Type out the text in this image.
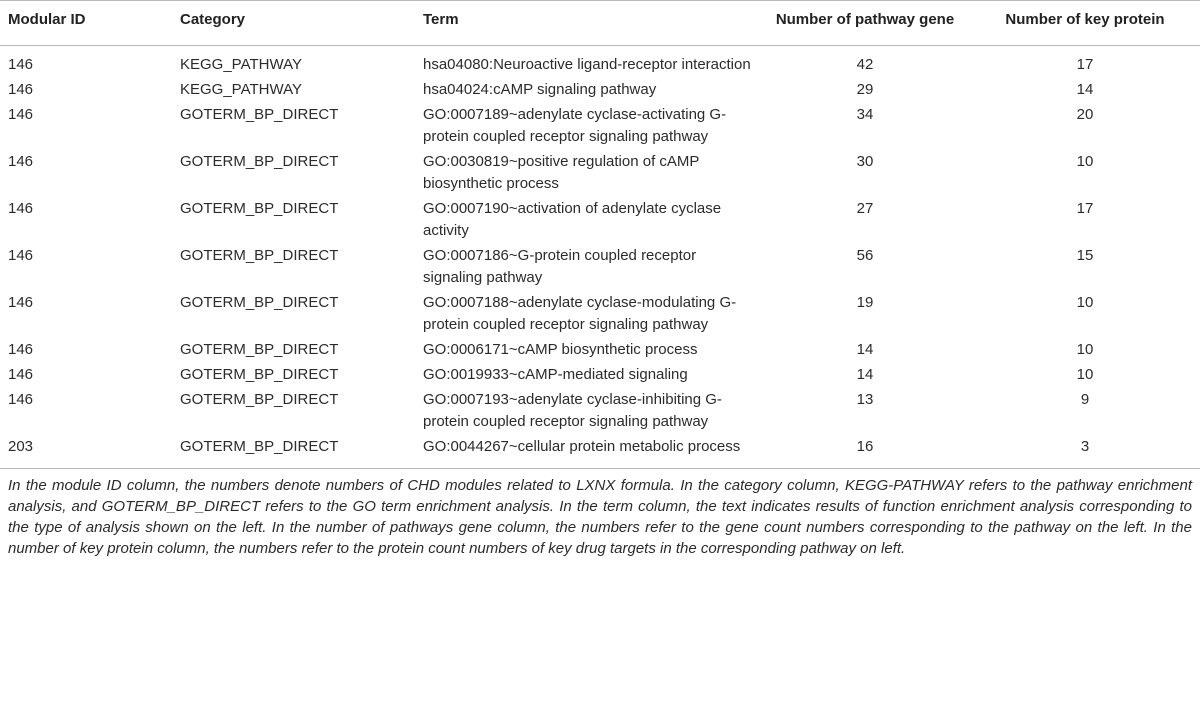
Modular ID	Category	Term	Number of pathway gene	Number of key protein
146	KEGG_PATHWAY	hsa04080:Neuroactive ligand-receptor interaction	42	17
146	KEGG_PATHWAY	hsa04024:cAMP signaling pathway	29	14
146	GOTERM_BP_DIRECT	GO:0007189~adenylate cyclase-activating G-protein coupled receptor signaling pathway	34	20
146	GOTERM_BP_DIRECT	GO:0030819~positive regulation of cAMP biosynthetic process	30	10
146	GOTERM_BP_DIRECT	GO:0007190~activation of adenylate cyclase activity	27	17
146	GOTERM_BP_DIRECT	GO:0007186~G-protein coupled receptor signaling pathway	56	15
146	GOTERM_BP_DIRECT	GO:0007188~adenylate cyclase-modulating G-protein coupled receptor signaling pathway	19	10
146	GOTERM_BP_DIRECT	GO:0006171~cAMP biosynthetic process	14	10
146	GOTERM_BP_DIRECT	GO:0019933~cAMP-mediated signaling	14	10
146	GOTERM_BP_DIRECT	GO:0007193~adenylate cyclase-inhibiting G-protein coupled receptor signaling pathway	13	9
203	GOTERM_BP_DIRECT	GO:0044267~cellular protein metabolic process	16	3
In the module ID column, the numbers denote numbers of CHD modules related to LXNX formula. In the category column, KEGG-PATHWAY refers to the pathway enrichment analysis, and GOTERM_BP_DIRECT refers to the GO term enrichment analysis. In the term column, the text indicates results of function enrichment analysis corresponding to the type of analysis shown on the left. In the number of pathways gene column, the numbers refer to the gene count numbers corresponding to the pathway on the left. In the number of key protein column, the numbers refer to the protein count numbers of key drug targets in the corresponding pathway on left.
